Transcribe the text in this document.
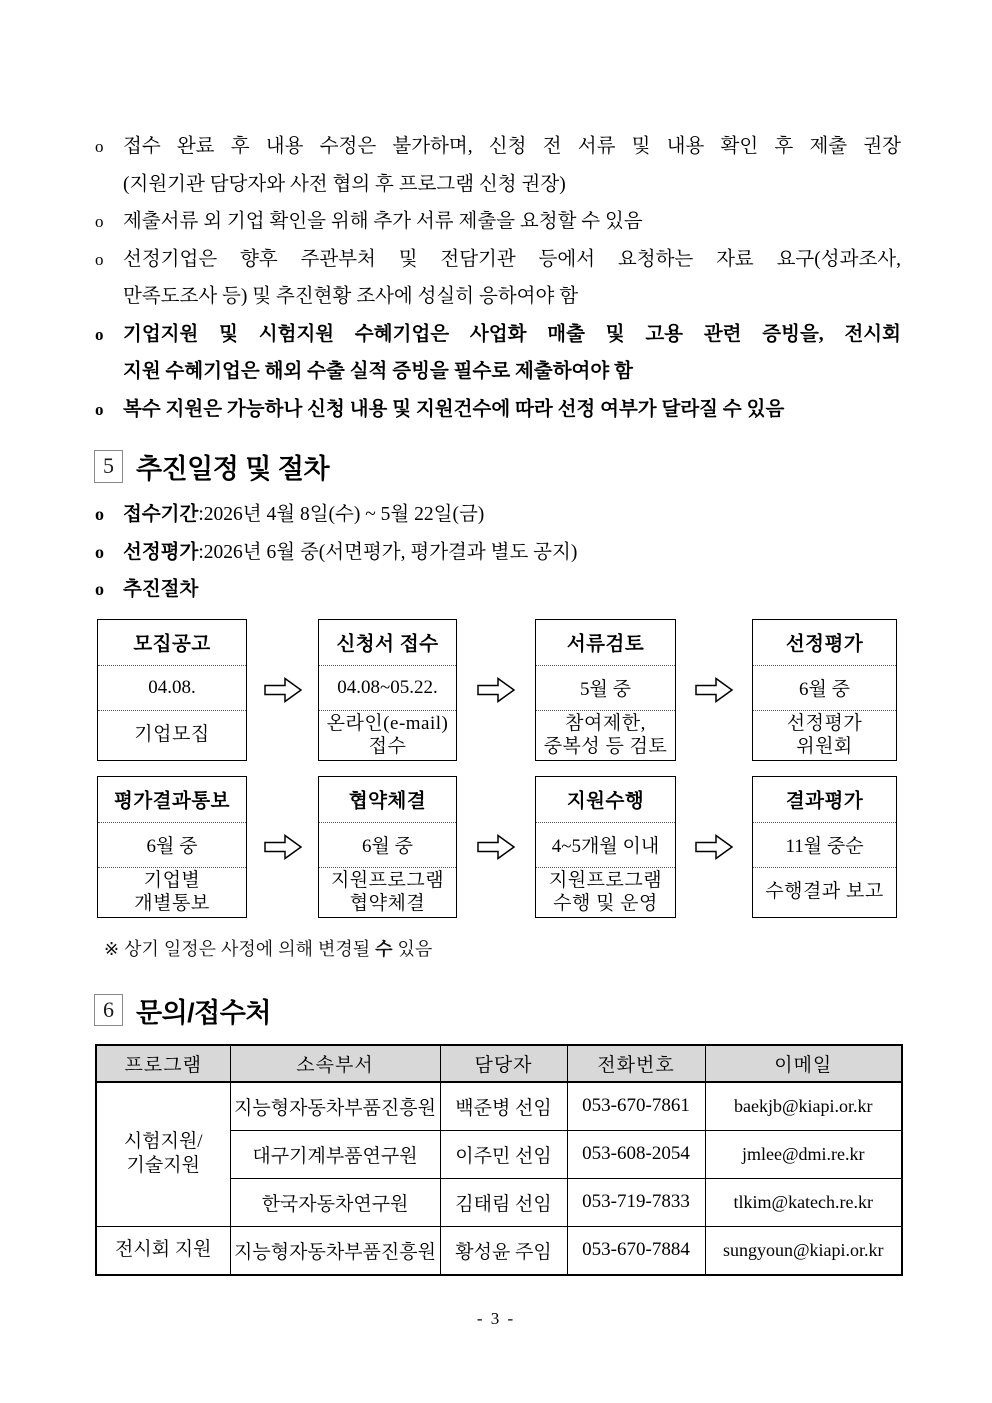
o	접수 완료 후 내용 수정은 불가하며, 신청 전 서류 및 내용 확인 후 제출 권장
(지원기관 담당자와 사전 협의 후 프로그램 신청 권장)
o	제출서류 외 기업 확인을 위해 추가 서류 제출을 요청할 수 있음
o	선정기업은 향후 주관부처 및 전담기관 등에서 요청하는 자료 요구(성과조사,
만족도조사 등) 및 추진현황 조사에 성실히 응하여야 함
o	기업지원 및 시험지원 수혜기업은 사업화 매출 및 고용 관련 증빙을, 전시회
지원 수혜기업은 해외 수출 실적 증빙을 필수로 제출하여야 함
o	복수 지원은 가능하나 신청 내용 및 지원건수에 따라 선정 여부가 달라질 수 있음
5 추진일정 및 절차
o 접수기간 : 2026년 4월 8일(수) ~ 5월 22일(금)
o 선정평가 : 2026년 6월 중(서면평가, 평가결과 별도 공지)
o 추진절차
모집공고
04.08.
기업모집
신청서 접수
04.08~05.22.
온라인(e-mail)
접수
서류검토
5월 중
참여제한,
중복성 등 검토
선정평가
6월 중
선정평가
위원회
평가결과통보
6월 중
기업별
개별통보
협약체결
6월 중
지원프로그램
협약체결
지원수행
4~5개월 이내
지원프로그램
수행 및 운영
결과평가
11월 중순
수행결과 보고
※ 상기 일정은 사정에 의해 변경될 수 있음
6 문의/접수처
프로그램	소속부서	담당자	전화번호	이메일

시험지원/
기술지원	지능형자동차부품진흥원	백준병 선임	053-670-7861	baekjb@kiapi.or.kr
	대구기계부품연구원	이주민 선임	053-608-2054	jmlee@dmi.re.kr
	한국자동차연구원	김태림 선임	053-719-7833	tlkim@katech.re.kr
전시회 지원	지능형자동차부품진흥원	황성윤 주임	053-670-7884	sungyoun@kiapi.or.kr
- 3 -
